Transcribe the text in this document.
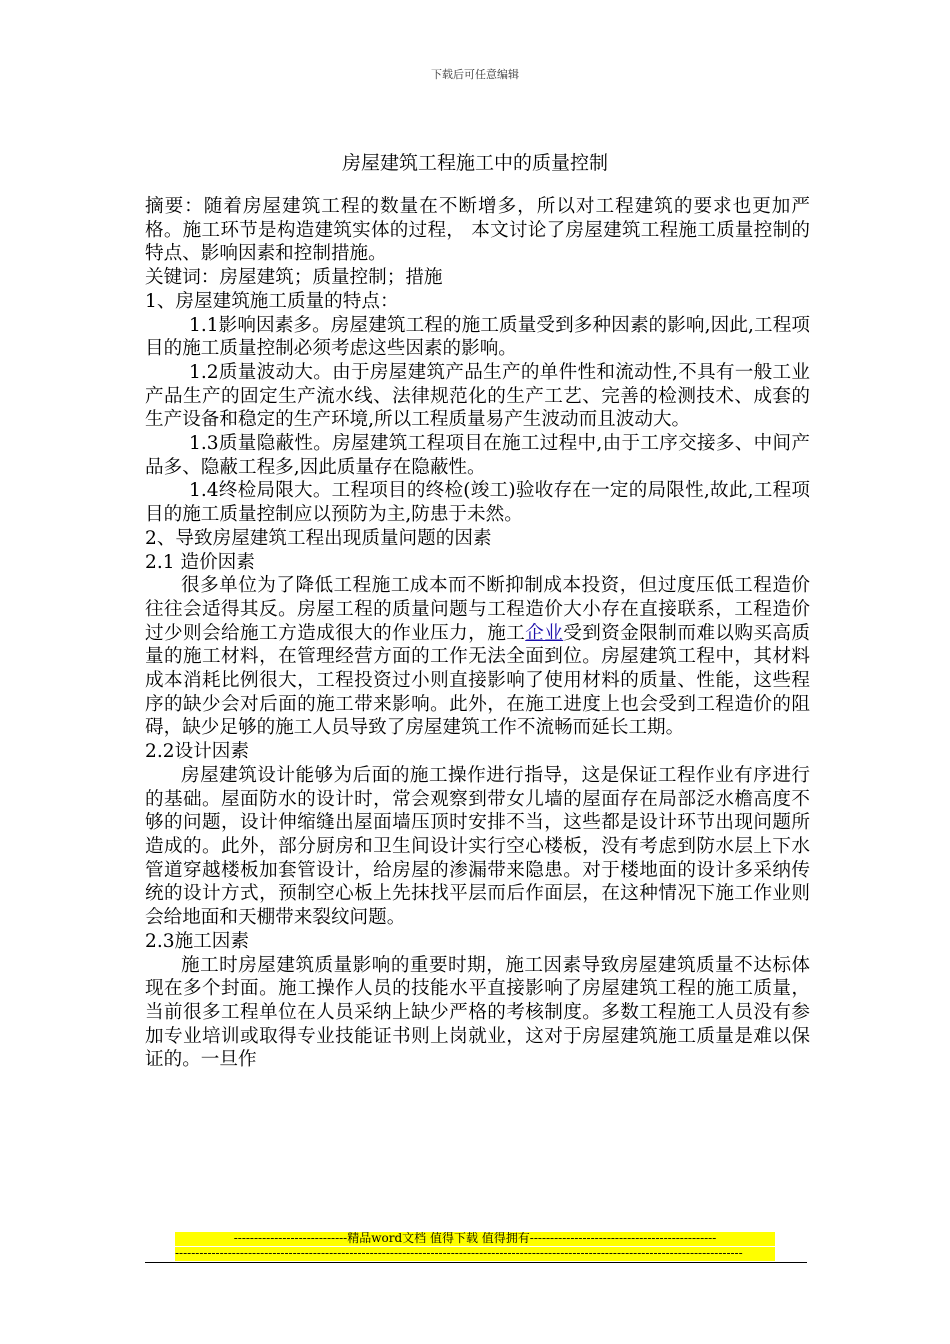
下载后可任意编辑
房屋建筑工程施工中的质量控制

摘要：随着房屋建筑工程的数量在不断增多，所以对工程建筑的要求也更加严格。施工环节是构造建筑实体的过程， 本文讨论了房屋建筑工程施工质量控制的特点、影响因素和控制措施。

关键词：房屋建筑；质量控制；措施

1、房屋建筑施工质量的特点：

1.1影响因素多。房屋建筑工程的施工质量受到多种因素的影响,因此,工程项目的施工质量控制必须考虑这些因素的影响。

1.2质量波动大。由于房屋建筑产品生产的单件性和流动性,不具有一般工业产品生产的固定生产流水线、法律规范化的生产工艺、完善的检测技术、成套的生产设备和稳定的生产环境,所以工程质量易产生波动而且波动大。

1.3质量隐蔽性。房屋建筑工程项目在施工过程中,由于工序交接多、中间产品多、隐蔽工程多,因此质量存在隐蔽性。

1.4终检局限大。工程项目的终检(竣工)验收存在一定的局限性,故此,工程项目的施工质量控制应以预防为主,防患于未然。

2、导致房屋建筑工程出现质量问题的因素

2.1 造价因素

很多单位为了降低工程施工成本而不断抑制成本投资，但过度压低工程造价往往会适得其反。房屋工程的质量问题与工程造价大小存在直接联系，工程造价过少则会给施工方造成很大的作业压力，施工企业受到资金限制而难以购买高质量的施工材料，在管理经营方面的工作无法全面到位。房屋建筑工程中，其材料成本消耗比例很大，工程投资过小则直接影响了使用材料的质量、性能，这些程序的缺少会对后面的施工带来影响。此外，在施工进度上也会受到工程造价的阻碍，缺少足够的施工人员导致了房屋建筑工作不流畅而延长工期。

2.2设计因素

房屋建筑设计能够为后面的施工操作进行指导，这是保证工程作业有序进行的基础。屋面防水的设计时，常会观察到带女儿墙的屋面存在局部泛水檐高度不够的问题，设计伸缩缝出屋面墙压顶时安排不当，这些都是设计环节出现问题所造成的。此外，部分厨房和卫生间设计实行空心楼板，没有考虑到防水层上下水管道穿越楼板加套管设计，给房屋的渗漏带来隐患。对于楼地面的设计多采纳传统的设计方式，预制空心板上先抹找平层而后作面层，在这种情况下施工作业则会给地面和天棚带来裂纹问题。

2.3施工因素

施工时房屋建筑质量影响的重要时期，施工因素导致房屋建筑质量不达标体现在多个封面。施工操作人员的技能水平直接影响了房屋建筑工程的施工质量，当前很多工程单位在人员采纳上缺少严格的考核制度。多数工程施工人员没有参加专业培训或取得专业技能证书则上岗就业，这对于房屋建筑施工质量是难以保证的。一旦作

----------------------------精品word文档 值得下载 值得拥有----------------------------------------------
--------------------------------------------------------------------------------------------------------------------------------------------
